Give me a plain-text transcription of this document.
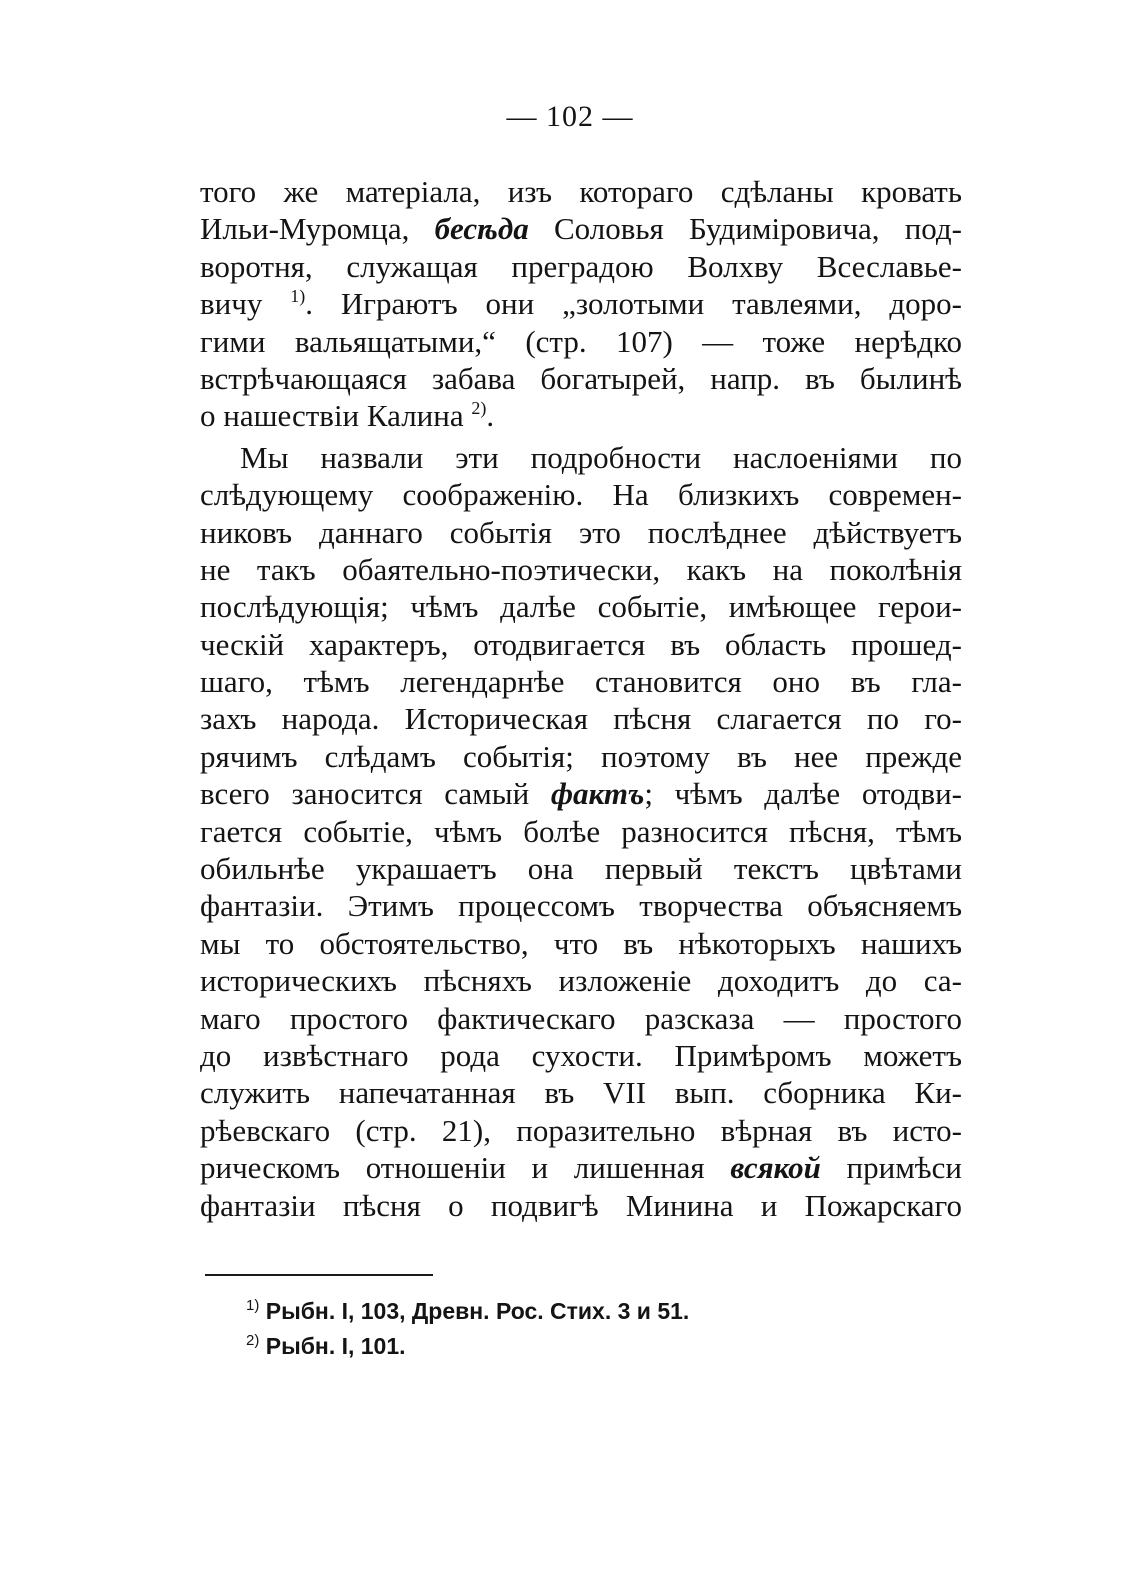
— 102 —
того же матеріала, изъ котораго сдѣланы кровать
Ильи-Муромца, бесѣда Соловья Будимiровича, под-
воротня, служащая преградою Волхву Всеславье-
вичу $^{1)}$. Играютъ они „золотыми тавлеями, доро-
гими вальящатыми,“ (стр. 107) — тоже нерѣдко
встрѣчающаяся забава богатырей, напр. въ былинѣ
о нашествіи Калина $^{2)}$.
Мы назвали эти подробности наслоеніями по
слѣдующему соображенію. На близкихъ современ-
никовъ даннаго событія это послѣднее дѣйствуетъ
не такъ обаятельно-поэтически, какъ на поколѣнія
послѣдующія; чѣмъ далѣе событіе, имѣющее герои-
ческій характеръ, отодвигается въ область прошед-
шаго, тѣмъ легендарнѣе становится оно въ гла-
захъ народа. Историческая пѣсня слагается по го-
рячимъ слѣдамъ событія; поэтому въ нее прежде
всего заносится самый фактъ; чѣмъ далѣе отодви-
гается событіе, чѣмъ болѣе разносится пѣсня, тѣмъ
обильнѣе украшаетъ она первый текстъ цвѣтами
фантазіи. Этимъ процессомъ творчества объясняемъ
мы то обстоятельство, что въ нѣкоторыхъ нашихъ
историческихъ пѣсняхъ изложеніе доходитъ до са-
маго простого фактическаго разсказа — простого
до извѣстнаго рода сухости. Примѣромъ можетъ
служить напечатанная въ VII вып. сборника Ки-
рѣевскаго (стр. 21), поразительно вѣрная въ исто-
рическомъ отношеніи и лишенная всякой примѣси
фантазіи пѣсня о подвигѣ Минина и Пожарскаго
$^{1)}$ Рыбн. I, 103, Древн. Рос. Стих. 3 и 51.
$^{2)}$ Рыбн. I, 101.
